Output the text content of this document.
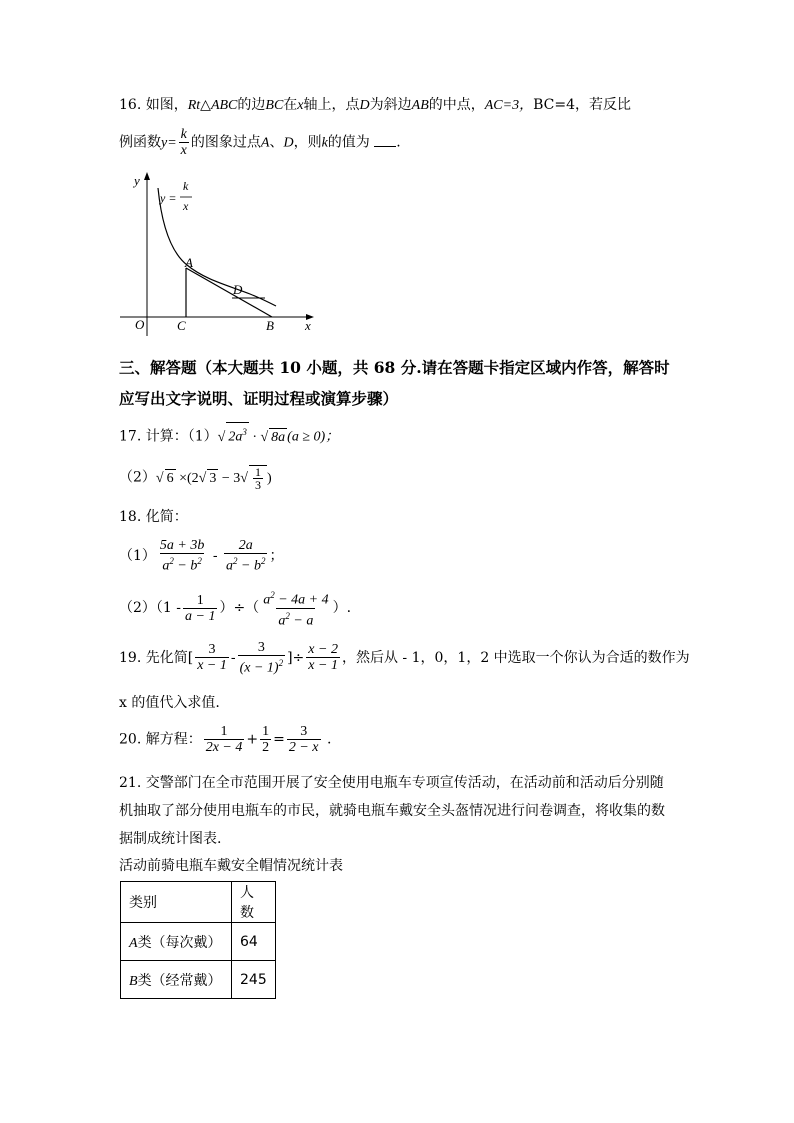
16. 如图，Rt△ABC的边BC在x轴上，点D为斜边AB的中点，AC=3，BC=4，若反比
例函数$y= \frac{k}{x}$ 的图象过点A、D，则k的值为 .
y
x
O	C	B
A
D
y =
k
x
三、解答题（本大题共 10 小题，共 68 分.请在答题卡指定区域内作答，解答时
应写出文字说明、证明过程或演算步骤）
17. 计算：（1）√ $2a^3$ · √ 8a (a ≥ 0)；
（2）√ 6 ×(2√ $3 - 3√ \frac{1}{3}$ )
18. 化简：
$(1) \frac{5a + 3b}{a^2 - b^2} - \frac{2a}{a^2 - b^2}$ ；
$(2)(1 - \frac{1}{a - 1}$ ）÷（ $\frac{a^2 - 4a + 4}{a^2 - a}$ ）.
19. 先化简[ $\frac{3}{x - 1} - \frac{3}{(x - 1)^2}$ ]÷ $\frac{x - 2}{x - 1}$ ，然后从 - 1，0，1，2 中选取一个你认为合适的数作为
x 的值代入求值.
20. 解方程： $\frac{1}{2x - 4} + \frac{1}{2} = \frac{3}{2 - x}$ .
21. 交警部门在全市范围开展了安全使用电瓶车专项宣传活动，在活动前和活动后分别随
机抽取了部分使用电瓶车的市民，就骑电瓶车戴安全头盔情况进行问卷调查，将收集的数
据制成统计图表.
活动前骑电瓶车戴安全帽情况统计表
类别	人数
A类（每次戴）	64
B类（经常戴）	245
